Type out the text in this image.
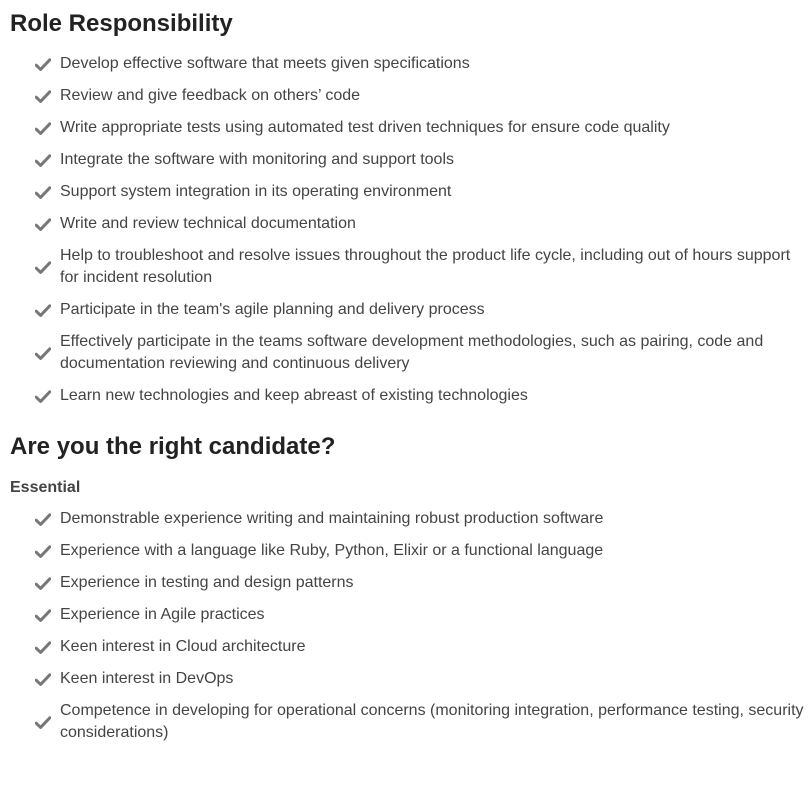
Role Responsibility
Develop effective software that meets given specifications
Review and give feedback on others’ code
Write appropriate tests using automated test driven techniques for ensure code quality
Integrate the software with monitoring and support tools
Support system integration in its operating environment
Write and review technical documentation
Help to troubleshoot and resolve issues throughout the product life cycle, including out of hours support for incident resolution
Participate in the team's agile planning and delivery process
Effectively participate in the teams software development methodologies, such as pairing, code and documentation reviewing and continuous delivery
Learn new technologies and keep abreast of existing technologies
Are you the right candidate?
Essential
Demonstrable experience writing and maintaining robust production software
Experience with a language like Ruby, Python, Elixir or a functional language
Experience in testing and design patterns
Experience in Agile practices
Keen interest in Cloud architecture
Keen interest in DevOps
Competence in developing for operational concerns (monitoring integration, performance testing, security considerations)
